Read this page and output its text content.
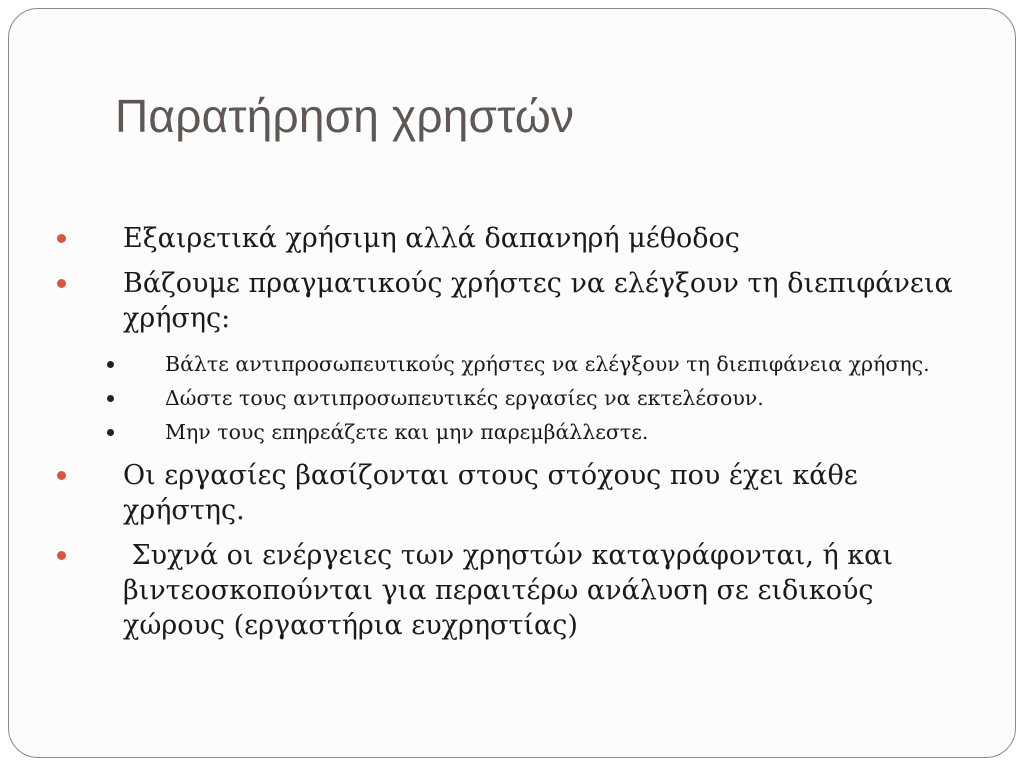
Παρατήρηση χρηστών
Εξαιρετικά χρήσιμη αλλά δαπανηρή μέθοδος
Βάζουμε πραγματικούς χρήστες να ελέγξουν τη διεπιφάνεια χρήσης:
Βάλτε αντιπροσωπευτικούς χρήστες να ελέγξουν τη διεπιφάνεια χρήσης.
Δώστε τους αντιπροσωπευτικές εργασίες να εκτελέσουν.
Μην τους επηρεάζετε και μην παρεμβάλλεστε.
Οι εργασίες βασίζονται στους στόχους που έχει κάθε χρήστης.
Συχνά οι ενέργειες των χρηστών καταγράφονται, ή και βιντεοσκοπούνται για περαιτέρω ανάλυση σε ειδικούς χώρους (εργαστήρια ευχρηστίας)
